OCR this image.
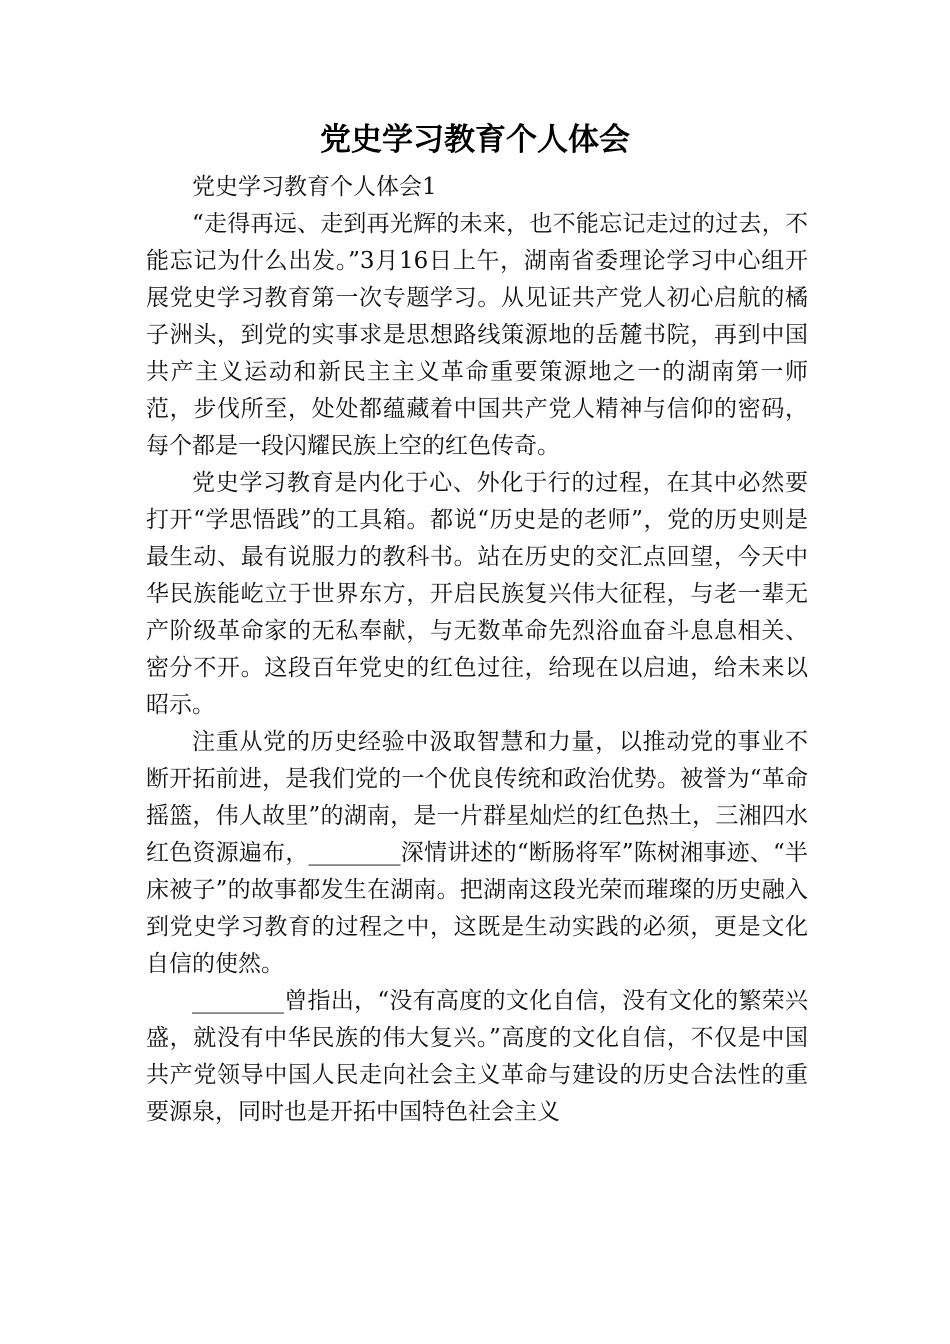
党史学习教育个人体会

党史学习教育个人体会1

“走得再远、走到再光辉的未来，也不能忘记走过的过去，不能忘记为什么出发。”3月16日上午，湖南省委理论学习中心组开展党史学习教育第一次专题学习。从见证共产党人初心启航的橘子洲头，到党的实事求是思想路线策源地的岳麓书院，再到中国共产主义运动和新民主主义革命重要策源地之一的湖南第一师范，步伐所至，处处都蕴藏着中国共产党人精神与信仰的密码，每个都是一段闪耀民族上空的红色传奇。

党史学习教育是内化于心、外化于行的过程，在其中必然要打开“学思悟践”的工具箱。都说“历史是的老师”，党的历史则是最生动、最有说服力的教科书。站在历史的交汇点回望，今天中华民族能屹立于世界东方，开启民族复兴伟大征程，与老一辈无产阶级革命家的无私奉献，与无数革命先烈浴血奋斗息息相关、密分不开。这段百年党史的红色过往，给现在以启迪，给未来以昭示。

注重从党的历史经验中汲取智慧和力量，以推动党的事业不断开拓前进，是我们党的一个优良传统和政治优势。被誉为“革命摇篮，伟人故里”的湖南，是一片群星灿烂的红色热土，三湘四水红色资源遍布，________深情讲述的“断肠将军”陈树湘事迹、“半床被子”的故事都发生在湖南。把湖南这段光荣而璀璨的历史融入到党史学习教育的过程之中，这既是生动实践的必须，更是文化自信的使然。

________曾指出，“没有高度的文化自信，没有文化的繁荣兴盛，就没有中华民族的伟大复兴。”高度的文化自信，不仅是中国共产党领导中国人民走向社会主义革命与建设的历史合法性的重要源泉，同时也是开拓中国特色社会主义
